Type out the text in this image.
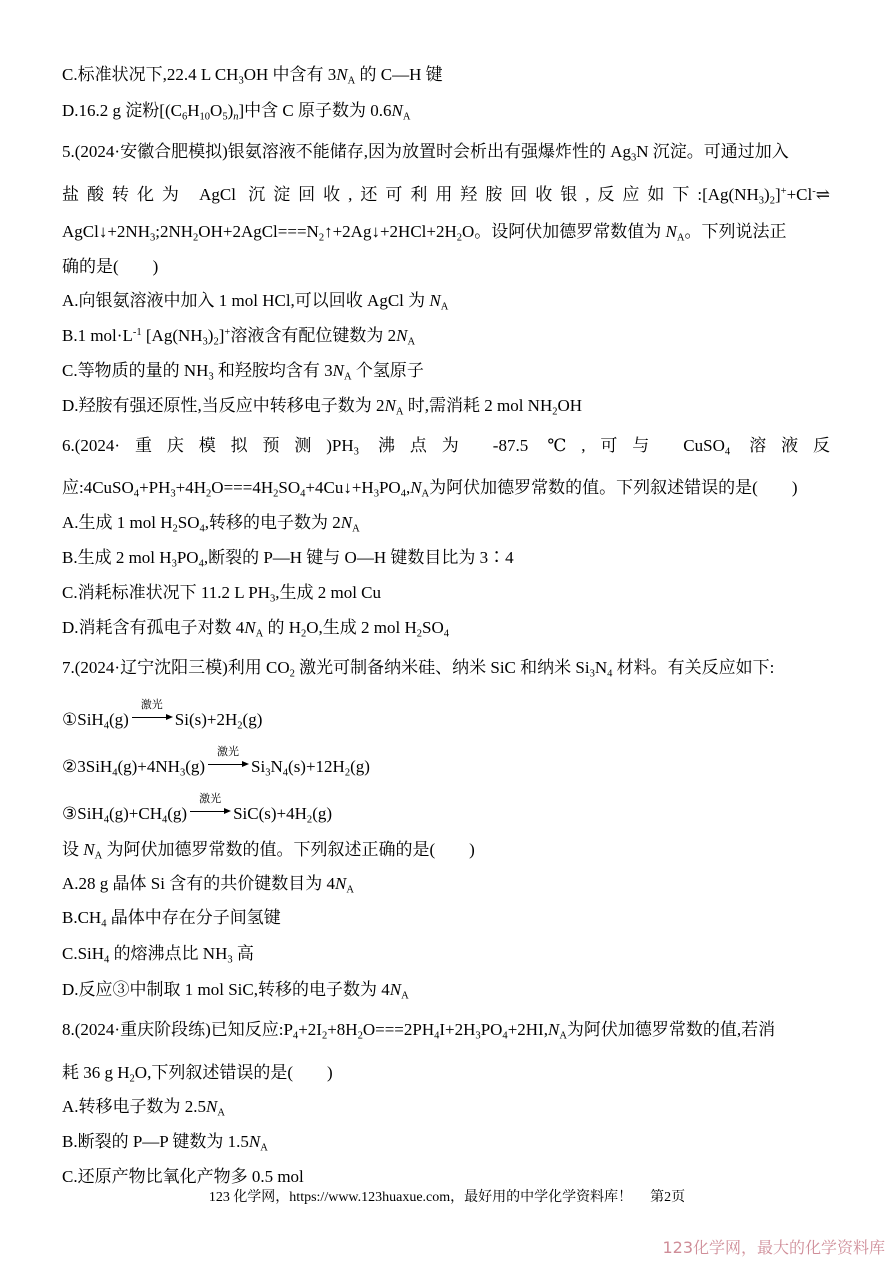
123 化学网，https://www.123huaxue.com，最好用的中学化学资料库！ 第2页
123化学网，最大的化学资料库
C.标准状况下,22.4 L $CH_3OH$ 中含有 $3N_A$ 的 C—H 键
D.16.2 g 淀粉$[(C_6H_{10}O_5)n]$中含 C 原子数为 $0.6N_A$
5.(2024·安徽合肥模拟)银氨溶液不能储存,因为放置时会析出有强爆炸性的 $Ag_3N$ 沉淀。可通过加入
盐酸转化为 AgCl 沉淀回收,还可利用羟胺回收银,反应如下$:[Ag(NH_3)_2]^++Cl^-\rightleftharpoons$
$AgCl↓+2NH_3;2NH_2OH+2AgCl===N_2↑+2Ag↓+2HCl+2H_2O$。设阿伏加德罗常数值为 $N_A$。下列说法正
确的是(　　)
A.向银氨溶液中加入 1 mol HCl,可以回收 AgCl 为 $N_A$
B.1 $mol\cdot L^{-1}$ $[Ag(NH_3)_2]^+$溶液含有配位键数为 $2N_A$
C.等物质的量的 $NH_3$ 和羟胺均含有 $3N_A$ 个氢原子
D.羟胺有强还原性,当反应中转移电子数为 $2N_A$ 时,需消耗 2 mol $NH_2OH$
6.(2024·重庆模拟预测)$PH_3$ 沸点为 -87.5 ℃,可与 CuSO$_4$ 溶液反
应$:4CuSO_4+PH_3+4H_2O===4H_2SO_4+4Cu↓+H_3PO_4,N_A$为阿伏加德罗常数的值。下列叙述错误的是(　　)
A.生成 1 mol $H_2SO_4$,转移的电子数为 $2N_A$
B.生成 2 mol $H_3PO_4$,断裂的 P—H 键与 O—H 键数目比为 3∶4
C.消耗标准状况下 11.2 L $PH_3$,生成 2 mol Cu
D.消耗含有孤电子对数 $4N_A$ 的 $H_2O$,生成 2 mol $H_2SO_4$
7.(2024·辽宁沈阳三模)利用 $CO_2$ 激光可制备纳米硅、纳米 SiC 和纳米 $Si_3N_4$ 材料。有关反应如下:
①SiH$_4$(g)
激光
$Si(s)+2H_2(g)$
$②3SiH_4(g)+4NH_3(g)$
激光
$Si_3N_4(s)+12H_2(g)$
$③SiH_4(g)+CH_4(g)$
激光
$SiC(s)+4H_2(g)$
设 $N_A$ 为阿伏加德罗常数的值。下列叙述正确的是(　　)
A.28 g 晶体 Si 含有的共价键数目为 $4N_A$
$B.CH_4$ 晶体中存在分子间氢键
C.SiH$_4$ 的熔沸点比 $NH_3$ 高
D.反应③中制取 1 mol SiC,转移的电子数为 $4N_A$
8.(2024·重庆阶段练)已知反应$:P_4+2I_2+8H_2O===2PH_4I+2H_3PO_4+2HI,N_A$为阿伏加德罗常数的值,若消
耗 36 g $H_2O$,下列叙述错误的是(　　)
A.转移电子数为 $2.5N_A$
B.断裂的 P—P 键数为 $1.5N_A$
C.还原产物比氧化产物多 0.5 mol
